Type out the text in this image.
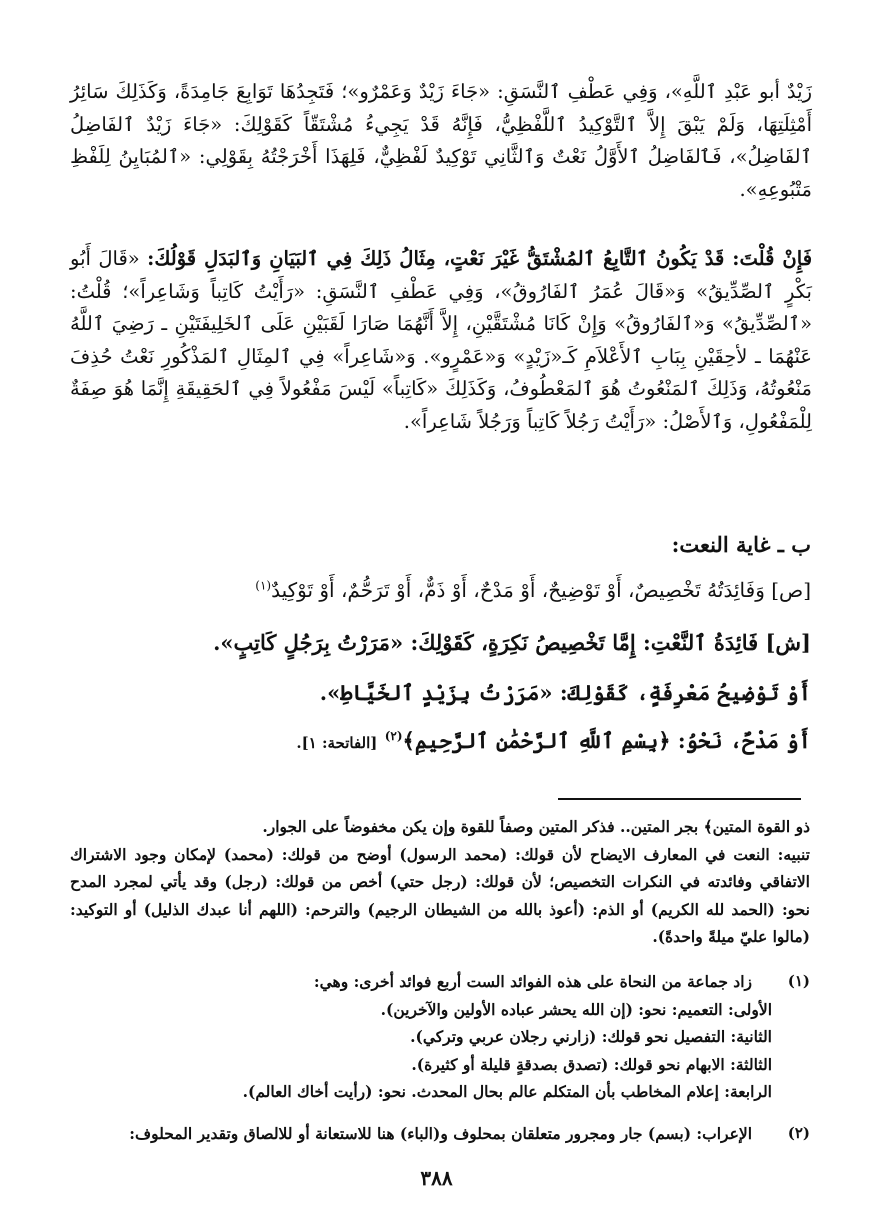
زَيْدٌ أبو عَبْدِ ٱللَّهِ»، وَفِي عَطْفِ ٱلنَّسَقِ: «جَاءَ زَيْدٌ وَعَمْرٌو»؛ فَتَجِدُهَا تَوَابِعَ جَامِدَةً، وَكَذَلِكَ سَائِرُ أَمْثِلَتِهَا، وَلَمْ يَبْقَ إِلاَّ ٱلتَّوْكِيدُ ٱللَّفْظِيُّ، فَإِنَّهُ قَدْ يَجِيءُ مُشْتَقّاً كَقَوْلِكَ: «جَاءَ زَيْدٌ ٱلفَاضِلُ ٱلفَاضِلُ»، فَٱلفَاضِلُ ٱلأَوَّلُ نَعْتٌ وَٱلثَّانِي تَوْكِيدٌ لَفْظِيٌّ، فَلِهَذَا أَخْرَجْتُهُ بِقَوْلِي: «ٱلمُبَايِنُ لِلَفْظِ مَتْبُوعِهِ».

فَإِنْ قُلْتَ: قَدْ يَكُونُ ٱلتَّابِعُ ٱلمُشْتَقُّ غَيْرَ نَعْتٍ، مِثَالُ ذَلِكَ فِي ٱلبَيَانِ وَٱلبَدَلِ قَوْلُكَ: «قَالَ أَبُو بَكْرٍ ٱلصِّدِّيقُ» وَ«قَالَ عُمَرُ ٱلفَارُوقُ»، وَفِي عَطْفِ ٱلنَّسَقِ: «رَأَيْتُ كَاتِباً وَشَاعِراً»؛ قُلْتُ: «ٱلصِّدِّيقُ» وَ«ٱلفَارُوقُ» وَإِنْ كَانَا مُشْتَقَّيْنِ، إِلاَّ أَنَّهُمَا صَارَا لَقَبَيْنِ عَلَى ٱلخَلِيفَتَيْنِ ـ رَضِيَ ٱللَّهُ عَنْهُمَا ـ لأحِقَيْنِ بِبَابِ ٱلأَعْلاَمِ كَـ«زَيْدٍ» وَ«عَمْرٍو». وَ«شَاعِراً» فِي ٱلمِثَالِ ٱلمَذْكُورِ نَعْتُ حُذِفَ مَنْعُوتُهُ، وَذَلِكَ ٱلمَنْعُوتُ هُوَ ٱلمَعْطُوفُ، وَكَذَلِكَ «كَاتِباً» لَيْسَ مَفْعُولاً فِي ٱلحَقِيقَةِ إِنَّمَا هُوَ صِفَةٌ لِلْمَفْعُولِ، وَٱلأَصْلُ: «رَأَيْتُ رَجُلاً كَاتِباً وَرَجُلاً شَاعِراً».

ب ـ غاية النعت:
[ص] وَفَائِدَتُهُ تَخْصِيصٌ، أَوْ تَوْضِيحٌ، أَوْ مَدْحٌ، أَوْ ذَمٌّ، أَوْ تَرَحُّمٌ، أَوْ تَوْكِيدٌ$^{(١)}$
[ش] فَائِدَةُ ٱلنَّعْتِ: إِمَّا تَخْصِيصُ نَكِرَةٍ، كَقَوْلِكَ: «مَرَرْتُ بِرَجُلٍ كَاتِبٍ».
أَوْ تَوْضِيحُ مَعْرِفَةٍ، كَقَوْلِكَ: «مَرَرْتُ بِزَيْدٍ ٱلخَيَّاطِ».
أَوْ مَدْحٌ، نَحْوُ: ﴿بِسْمِ ٱللَّهِ ٱلرَّحْمَٰنِ ٱلرَّحِيمِ﴾$^{(٢)}$ [الفاتحة: ١].

ذو القوة المتين﴾ بجر المتين.. فذكر المتين وصفاً للقوة وإن يكن مخفوضاً على الجوار.

تنبيه: النعت في المعارف الايضاح لأن قولك: (محمد الرسول) أوضح من قولك: (محمد) لإمكان وجود الاشتراك الاتفاقي وفائدته في النكرات التخصيص؛ لأن قولك: (رجل حتي) أخص من قولك: (رجل) وقد يأتي لمجرد المدح نحو: (الحمد لله الكريم) أو الذم: (أعوذ بالله من الشيطان الرجيم) والترحم: (اللهم أنا عبدك الذليل) أو التوكيد: (مالوا عليّ ميلةً واحدةً).

(١)
زاد جماعة من النحاة على هذه الفوائد الست أربع فوائد أخرى: وهي:
الأولى: التعميم: نحو: (إن الله يحشر عباده الأولين والآخرين).
الثانية: التفصيل نحو قولك: (زارني رجلان عربي وتركي).
الثالثة: الابهام نحو قولك: (تصدق بصدقةٍ قليلة أو كثيرة).
الرابعة: إعلام المخاطب بأن المتكلم عالم بحال المحدث. نحو: (رأيت أخاك العالم).
(٢)
الإعراب: (بسم) جار ومجرور متعلقان بمحلوف و(الباء) هنا للاستعانة أو للالصاق وتقدير المحلوف:
٣٨٨
